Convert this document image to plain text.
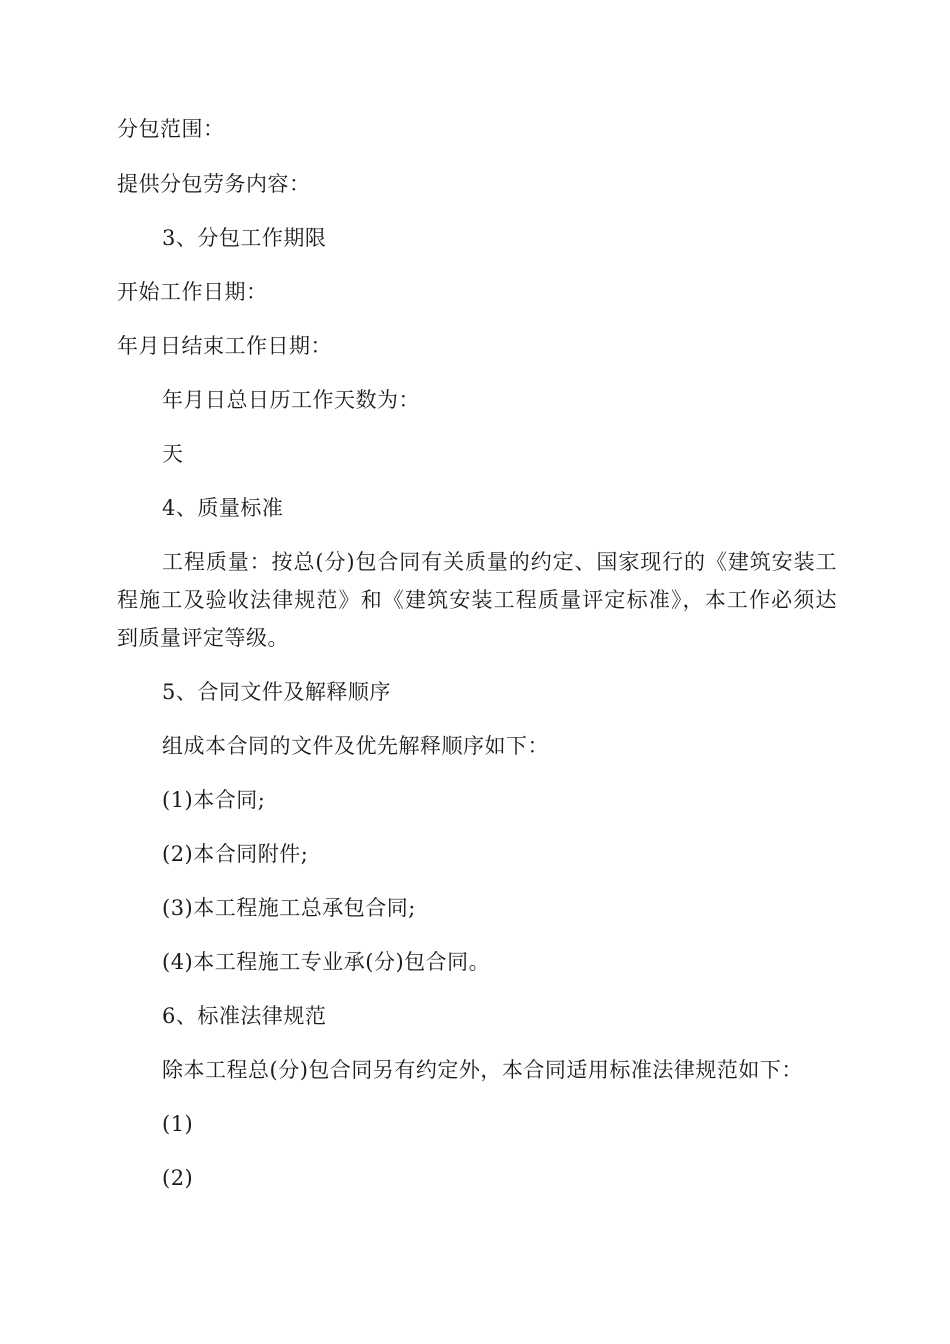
分包范围：
提供分包劳务内容：
3、分包工作期限
开始工作日期：
年月日结束工作日期：
年月日总日历工作天数为：
天
4、质量标准
工程质量：按总(分)包合同有关质量的约定、国家现行的《建筑安装工程施工及验收法律规范》和《建筑安装工程质量评定标准》，本工作必须达到质量评定等级。
5、合同文件及解释顺序
组成本合同的文件及优先解释顺序如下：
(1)本合同;
(2)本合同附件;
(3)本工程施工总承包合同;
(4)本工程施工专业承(分)包合同。
6、标准法律规范
除本工程总(分)包合同另有约定外，本合同适用标准法律规范如下：
(1)
(2)
